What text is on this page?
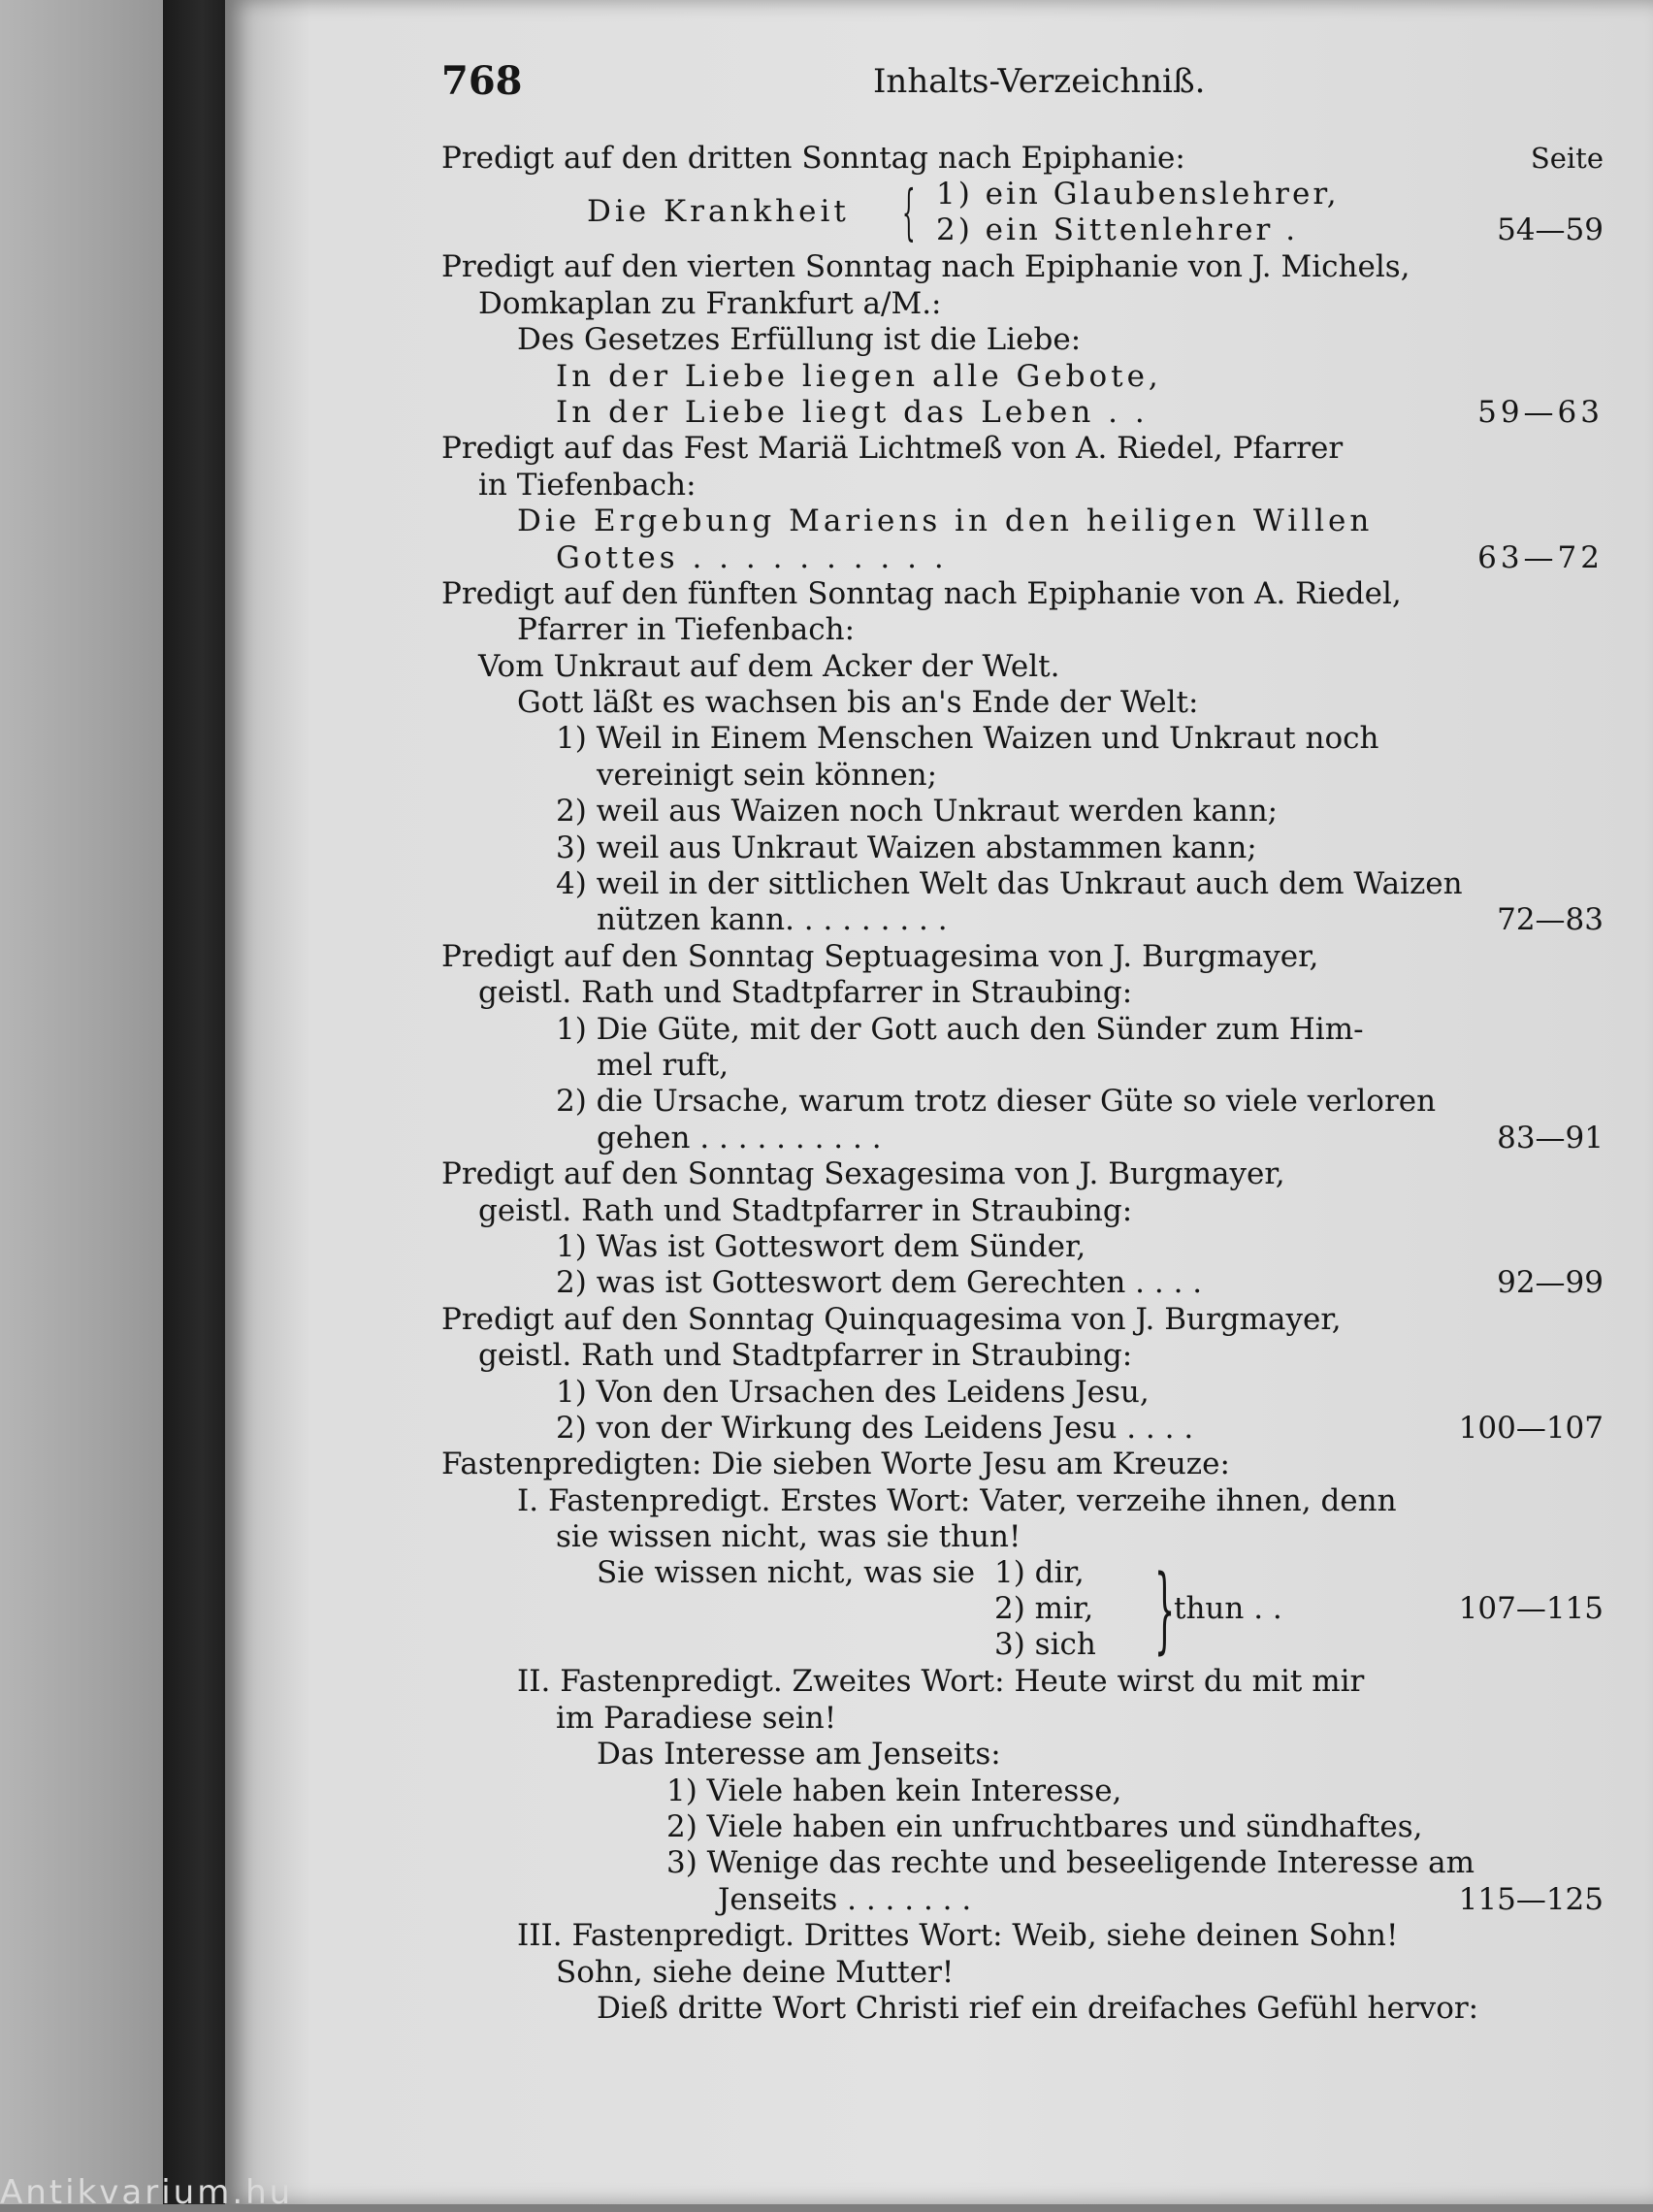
768	Inhalts-Verzeichniß.
Predigt auf den dritten Sonntag nach Epiphanie:	Seite
Die Krankheit { 1) ein Glaubenslehrer,
2) ein Sittenlehrer .	54—59
Predigt auf den vierten Sonntag nach Epiphanie von J. Michels,
Domkaplan zu Frankfurt a/M.:
Des Gesetzes Erfüllung ist die Liebe:
In der Liebe liegen alle Gebote,
In der Liebe liegt das Leben . .	59—63
Predigt auf das Fest Mariä Lichtmeß von A. Riedel, Pfarrer
in Tiefenbach:
Die Ergebung Mariens in den heiligen Willen
Gottes . . . . . . . . . .	63—72
Predigt auf den fünften Sonntag nach Epiphanie von A. Riedel,
Pfarrer in Tiefenbach:
Vom Unkraut auf dem Acker der Welt.
Gott läßt es wachsen bis an's Ende der Welt:
1) Weil in Einem Menschen Waizen und Unkraut noch
vereinigt sein können;
2) weil aus Waizen noch Unkraut werden kann;
3) weil aus Unkraut Waizen abstammen kann;
4) weil in der sittlichen Welt das Unkraut auch dem Waizen
nützen kann. . . . . . . . .	72—83
Predigt auf den Sonntag Septuagesima von J. Burgmayer,
geistl. Rath und Stadtpfarrer in Straubing:
1) Die Güte, mit der Gott auch den Sünder zum Him-
mel ruft,
2) die Ursache, warum trotz dieser Güte so viele verloren
gehen . . . . . . . . . .	83—91
Predigt auf den Sonntag Sexagesima von J. Burgmayer,
geistl. Rath und Stadtpfarrer in Straubing:
1) Was ist Gotteswort dem Sünder,
2) was ist Gotteswort dem Gerechten . . . .	92—99
Predigt auf den Sonntag Quinquagesima von J. Burgmayer,
geistl. Rath und Stadtpfarrer in Straubing:
1) Von den Ursachen des Leidens Jesu,
2) von der Wirkung des Leidens Jesu . . . .	100—107
Fastenpredigten: Die sieben Worte Jesu am Kreuze:
I. Fastenpredigt. Erstes Wort: Vater, verzeihe ihnen, denn
sie wissen nicht, was sie thun!
Sie wissen nicht, was sie 1) dir,
2) mir,
3) sich }
thun . .	107—115
II. Fastenpredigt. Zweites Wort: Heute wirst du mit mir
im Paradiese sein!
Das Interesse am Jenseits:
1) Viele haben kein Interesse,
2) Viele haben ein unfruchtbares und sündhaftes,
3) Wenige das rechte und beseeligende Interesse am
Jenseits . . . . . . .	115—125
III. Fastenpredigt. Drittes Wort: Weib, siehe deinen Sohn!
Sohn, siehe deine Mutter!
Dieß dritte Wort Christi rief ein dreifaches Gefühl hervor:
Antikvarium.hu
